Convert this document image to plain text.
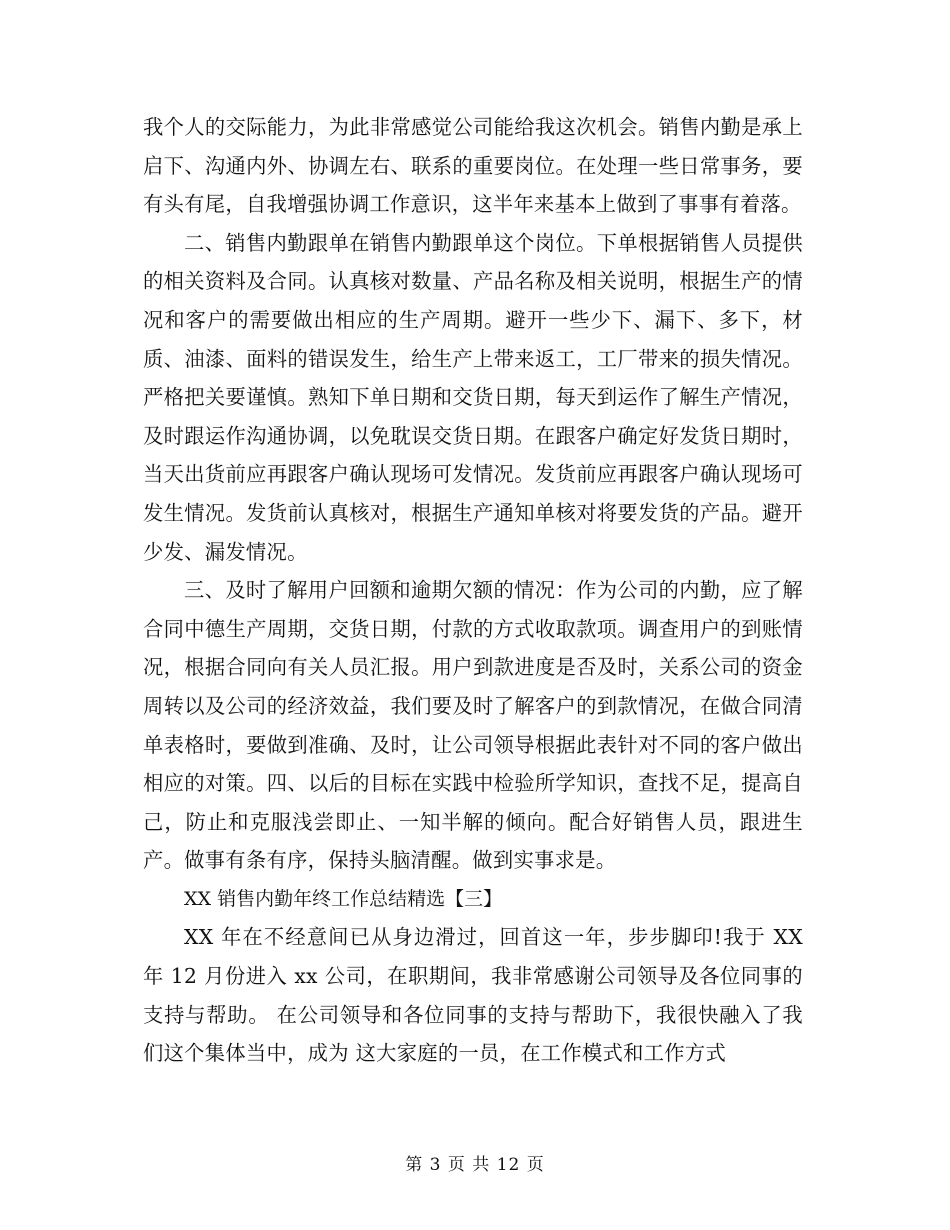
我个人的交际能力，为此非常感觉公司能给我这次机会。销售内勤是承上启下、沟通内外、协调左右、联系的重要岗位。在处理一些日常事务，要有头有尾，自我增强协调工作意识，这半年来基本上做到了事事有着落。

二、销售内勤跟单在销售内勤跟单这个岗位。下单根据销售人员提供的相关资料及合同。认真核对数量、产品名称及相关说明，根据生产的情况和客户的需要做出相应的生产周期。避开一些少下、漏下、多下，材质、油漆、面料的错误发生，给生产上带来返工，工厂带来的损失情况。严格把关要谨慎。熟知下单日期和交货日期，每天到运作了解生产情况，及时跟运作沟通协调，以免耽误交货日期。在跟客户确定好发货日期时，当天出货前应再跟客户确认现场可发情况。发货前应再跟客户确认现场可发生情况。发货前认真核对，根据生产通知单核对将要发货的产品。避开少发、漏发情况。

三、及时了解用户回额和逾期欠额的情况：作为公司的内勤，应了解合同中德生产周期，交货日期，付款的方式收取款项。调查用户的到账情况，根据合同向有关人员汇报。用户到款进度是否及时，关系公司的资金周转以及公司的经济效益，我们要及时了解客户的到款情况，在做合同清单表格时，要做到准确、及时，让公司领导根据此表针对不同的客户做出相应的对策。四、以后的目标在实践中检验所学知识，查找不足，提高自己，防止和克服浅尝即止、一知半解的倾向。配合好销售人员，跟进生产。做事有条有序，保持头脑清醒。做到实事求是。

XX 销售内勤年终工作总结精选【三】

XX 年在不经意间已从身边滑过，回首这一年，步步脚印!我于 XX 年 12 月份进入 xx 公司，在职期间，我非常感谢公司领导及各位同事的支持与帮助。 在公司领导和各位同事的支持与帮助下，我很快融入了我们这个集体当中，成为 这大家庭的一员，在工作模式和工作方式

第 3 页 共 12 页
